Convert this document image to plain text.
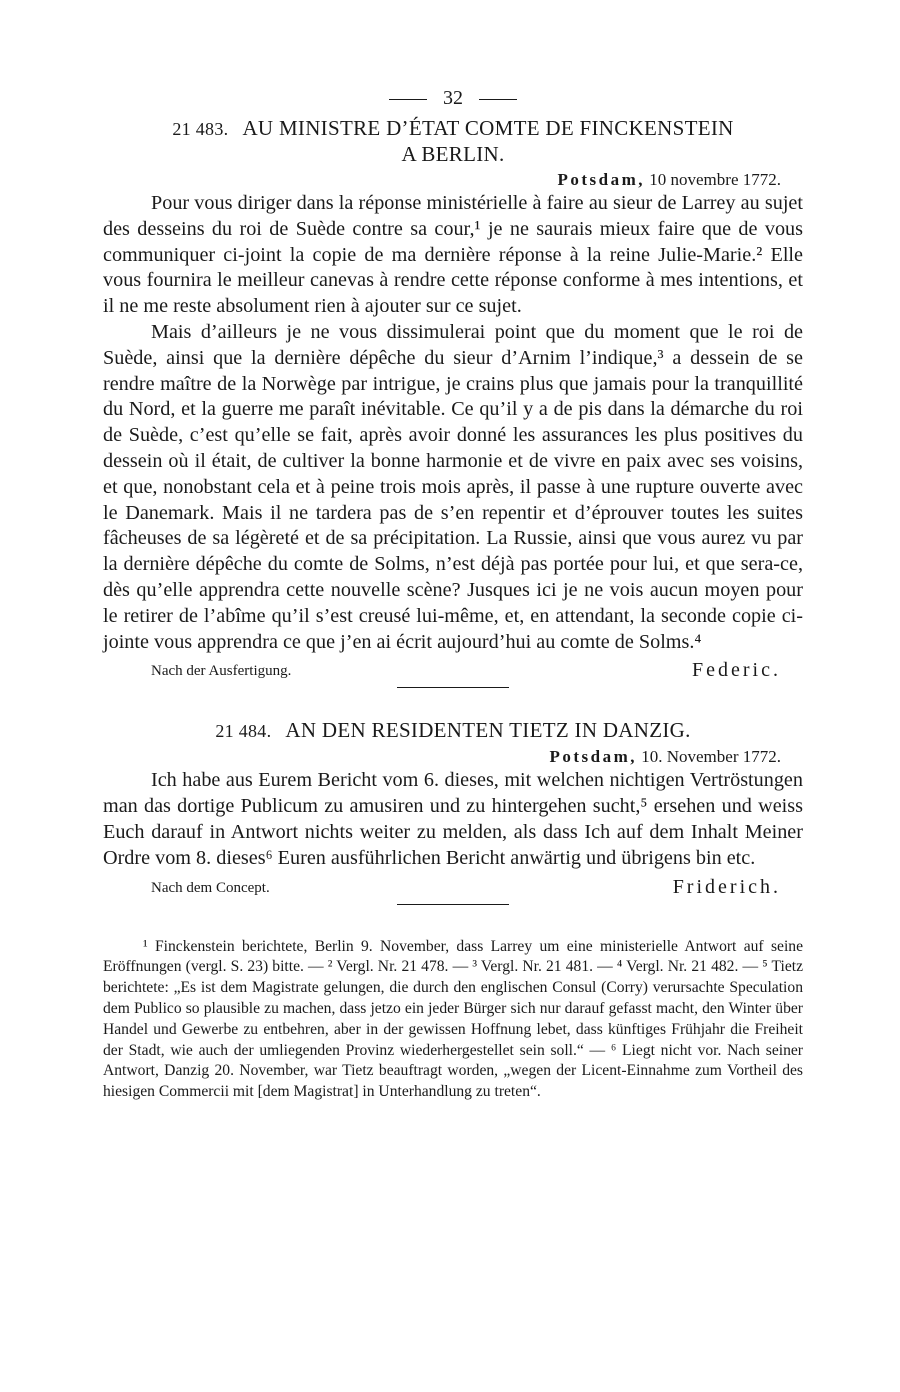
32
21 483. AU MINISTRE D’ÉTAT COMTE DE FINCKENSTEIN
A BERLIN.
Potsdam, 10 novembre 1772.

Pour vous diriger dans la réponse ministérielle à faire au sieur de Larrey au sujet des desseins du roi de Suède contre sa cour,¹ je ne saurais mieux faire que de vous communiquer ci-joint la copie de ma dernière réponse à la reine Julie-Marie.² Elle vous fournira le meilleur canevas à rendre cette réponse conforme à mes intentions, et il ne me reste absolument rien à ajouter sur ce sujet.

Mais d’ailleurs je ne vous dissimulerai point que du moment que le roi de Suède, ainsi que la dernière dépêche du sieur d’Arnim l’indique,³ a dessein de se rendre maître de la Norwège par intrigue, je crains plus que jamais pour la tranquillité du Nord, et la guerre me paraît inévitable. Ce qu’il y a de pis dans la démarche du roi de Suède, c’est qu’elle se fait, après avoir donné les assurances les plus positives du dessein où il était, de cultiver la bonne harmonie et de vivre en paix avec ses voisins, et que, nonobstant cela et à peine trois mois après, il passe à une rupture ouverte avec le Danemark. Mais il ne tardera pas de s’en repentir et d’éprouver toutes les suites fâcheuses de sa légèreté et de sa précipitation. La Russie, ainsi que vous aurez vu par la dernière dépêche du comte de Solms, n’est déjà pas portée pour lui, et que sera-ce, dès qu’elle apprendra cette nouvelle scène? Jusques ici je ne vois aucun moyen pour le retirer de l’abîme qu’il s’est creusé lui-même, et, en attendant, la seconde copie ci-jointe vous apprendra ce que j’en ai écrit aujourd’hui au comte de Solms.⁴

Nach der Ausfertigung.	Federic.
21 484. AN DEN RESIDENTEN TIETZ IN DANZIG.
Potsdam, 10. November 1772.

Ich habe aus Eurem Bericht vom 6. dieses, mit welchen nichtigen Vertröstungen man das dortige Publicum zu amusiren und zu hintergehen sucht,⁵ ersehen und weiss Euch darauf in Antwort nichts weiter zu melden, als dass Ich auf dem Inhalt Meiner Ordre vom 8. dieses⁶ Euren ausführlichen Bericht anwärtig und übrigens bin etc.

Nach dem Concept.	Friderich.
¹ Finckenstein berichtete, Berlin 9. November, dass Larrey um eine ministerielle Antwort auf seine Eröffnungen (vergl. S. 23) bitte. — ² Vergl. Nr. 21 478. — ³ Vergl. Nr. 21 481. — ⁴ Vergl. Nr. 21 482. — ⁵ Tietz berichtete: „Es ist dem Magistrate gelungen, die durch den englischen Consul (Corry) verursachte Speculation dem Publico so plausible zu machen, dass jetzo ein jeder Bürger sich nur darauf gefasst macht, den Winter über Handel und Gewerbe zu entbehren, aber in der gewissen Hoffnung lebet, dass künftiges Frühjahr die Freiheit der Stadt, wie auch der umliegenden Provinz wiederhergestellet sein soll.“ — ⁶ Liegt nicht vor. Nach seiner Antwort, Danzig 20. November, war Tietz beauftragt worden, „wegen der Licent-Einnahme zum Vortheil des hiesigen Commercii mit [dem Magistrat] in Unterhandlung zu treten“.
